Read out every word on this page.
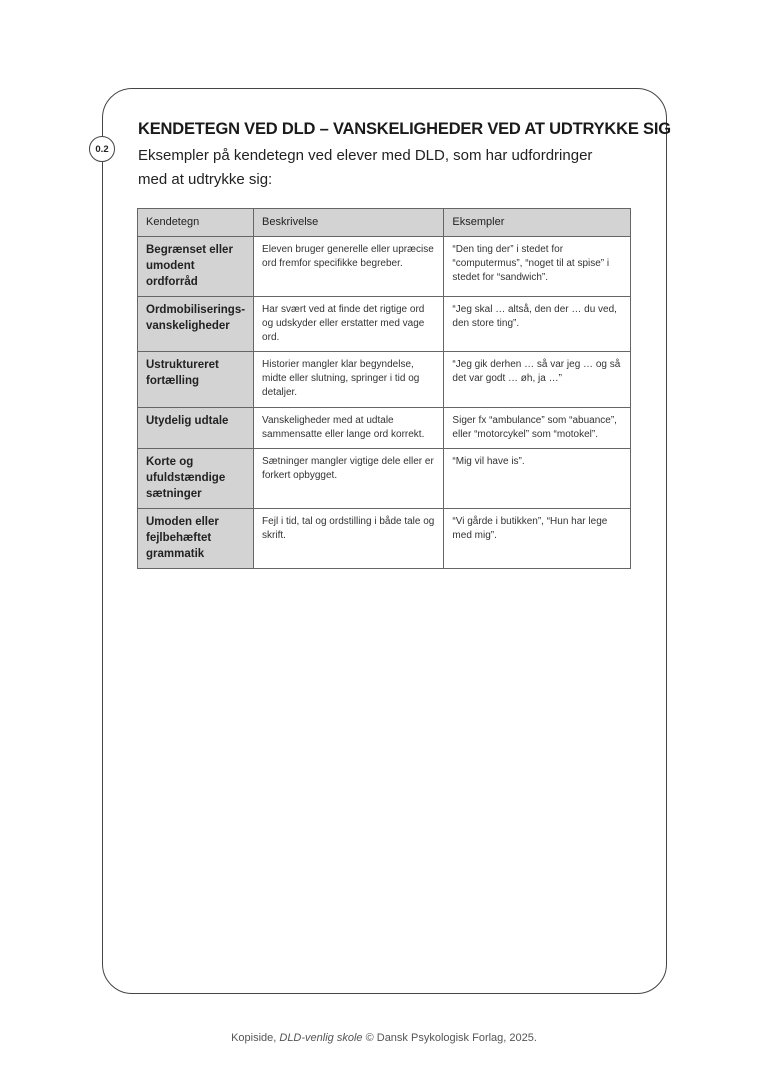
0.2
KENDETEGN VED DLD – VANSKELIGHEDER VED AT UDTRYKKE SIG
Eksempler på kendetegn ved elever med DLD, som har udfordringer med at udtrykke sig:
Kendetegn	Beskrivelse	Eksempler
Begrænset eller umodent ordforråd	Eleven bruger generelle eller upræcise ord fremfor specifikke begreber.	“Den ting der” i stedet for “computermus”, “noget til at spise” i stedet for “sandwich”.
Ordmobiliserings-vanskeligheder	Har svært ved at finde det rigtige ord og udskyder eller erstatter med vage ord.	“Jeg skal … altså, den der … du ved, den store ting”.
Ustruktureret fortælling	Historier mangler klar begyndelse, midte eller slutning, springer i tid og detaljer.	“Jeg gik derhen … så var jeg … og så det var godt … øh, ja …”
Utydelig udtale	Vanskeligheder med at udtale sammensatte eller lange ord korrekt.	Siger fx “ambulance” som “abuance”, eller “motorcykel” som “motokel”.
Korte og ufuldstændige sætninger	Sætninger mangler vigtige dele eller er forkert opbygget.	“Mig vil have is”.
Umoden eller fejlbehæftet grammatik	Fejl i tid, tal og ordstilling i både tale og skrift.	“Vi gårde i butikken”, “Hun har lege med mig”.
Kopiside, DLD-venlig skole © Dansk Psykologisk Forlag, 2025.
